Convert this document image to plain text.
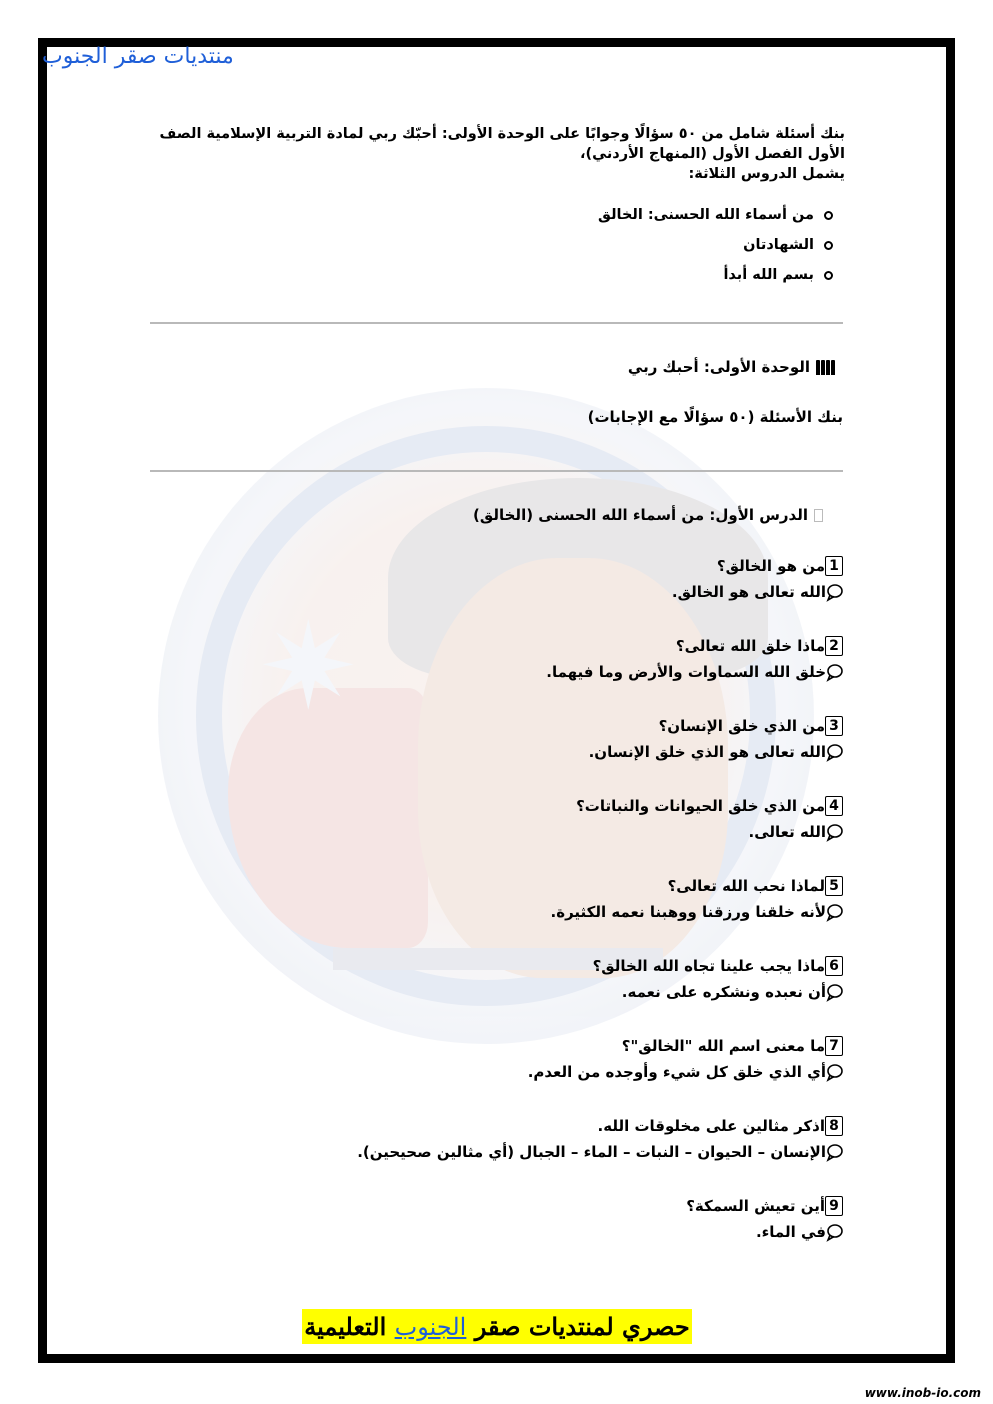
✷
منتديات صقر الجنوب
بنك أسئلة شامل من ٥٠ سؤالًا وجوابًا على الوحدة الأولى: أحبّك ربي لمادة التربية الإسلامية الصف
الأول الفصل الأول (المنهاج الأردني)،
يشمل الدروس الثلاثة:
من أسماء الله الحسنى: الخالق
الشهادتان
بسم الله أبدأ
الوحدة الأولى: أحبك ربي
بنك الأسئلة (٥٠ سؤالًا مع الإجابات)
الدرس الأول: من أسماء الله الحسنى (الخالق)
1
من هو الخالق؟
الله تعالى هو الخالق.
2
ماذا خلق الله تعالى؟
خلق الله السماوات والأرض وما فيهما.
3
من الذي خلق الإنسان؟
الله تعالى هو الذي خلق الإنسان.
4
من الذي خلق الحيوانات والنباتات؟
الله تعالى.
5
لماذا نحب الله تعالى؟
لأنه خلقنا ورزقنا ووهبنا نعمه الكثيرة.
6
ماذا يجب علينا تجاه الله الخالق؟
أن نعبده ونشكره على نعمه.
7
ما معنى اسم الله "الخالق"؟
أي الذي خلق كل شيء وأوجده من العدم.
8
اذكر مثالين على مخلوقات الله.
الإنسان – الحيوان – النبات – الماء – الجبال (أي مثالين صحيحين).
9
أين تعيش السمكة؟
في الماء.
حصري لمنتديات صقر الجنوب التعليمية
www.inob-io.com
